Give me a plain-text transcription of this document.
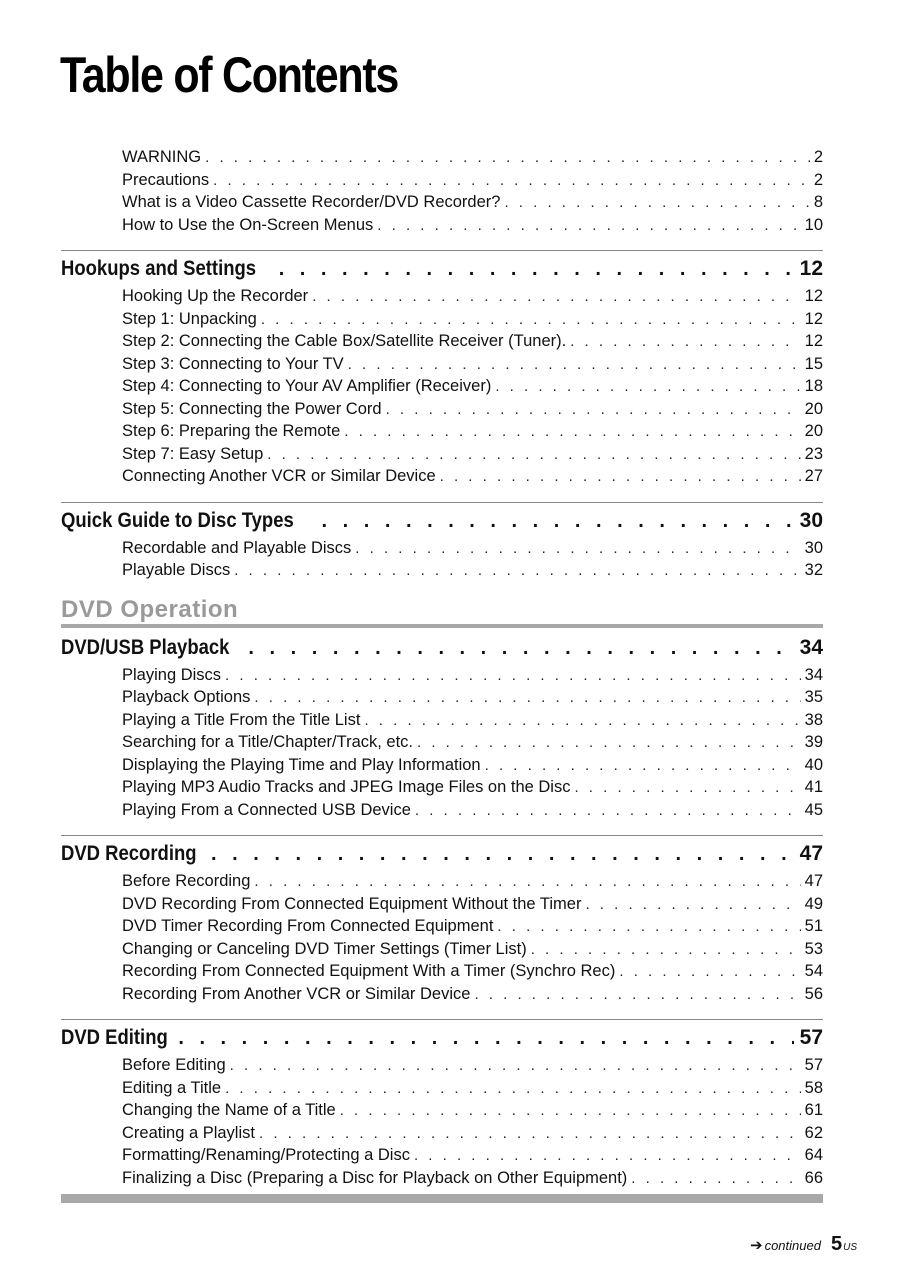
Table of Contents
WARNING . . .	2
Precautions . . .	2
What is a Video Cassette Recorder/DVD Recorder? . . .	8
How to Use the On-Screen Menus . . .	10
Hookups and Settings . . .	12
Hooking Up the Recorder . . .	12
Step 1: Unpacking . . .	12
Step 2: Connecting the Cable Box/Satellite Receiver (Tuner). . . .	12
Step 3: Connecting to Your TV . . .	15
Step 4: Connecting to Your AV Amplifier (Receiver) . . .	18
Step 5: Connecting the Power Cord . . .	20
Step 6: Preparing the Remote . . .	20
Step 7: Easy Setup . . .	23
Connecting Another VCR or Similar Device . . .	27
Quick Guide to Disc Types . . .	30
Recordable and Playable Discs . . .	30
Playable Discs . . .	32
DVD Operation
DVD/USB Playback . . .	34
Playing Discs . . .	34
Playback Options . . .	35
Playing a Title From the Title List . . .	38
Searching for a Title/Chapter/Track, etc. . . .	39
Displaying the Playing Time and Play Information . . .	40
Playing MP3 Audio Tracks and JPEG Image Files on the Disc . . .	41
Playing From a Connected USB Device . . .	45
DVD Recording . . .	47
Before Recording . . .	47
DVD Recording From Connected Equipment Without the Timer . . .	49
DVD Timer Recording From Connected Equipment . . .	51
Changing or Canceling DVD Timer Settings (Timer List) . . .	53
Recording From Connected Equipment With a Timer (Synchro Rec) . . .	54
Recording From Another VCR or Similar Device . . .	56
DVD Editing . . .	57
Before Editing . . .	57
Editing a Title . . .	58
Changing the Name of a Title . . .	61
Creating a Playlist . . .	62
Formatting/Renaming/Protecting a Disc . . .	64
Finalizing a Disc (Preparing a Disc for Playback on Other Equipment) . . .	66
➔ continued 5 US
